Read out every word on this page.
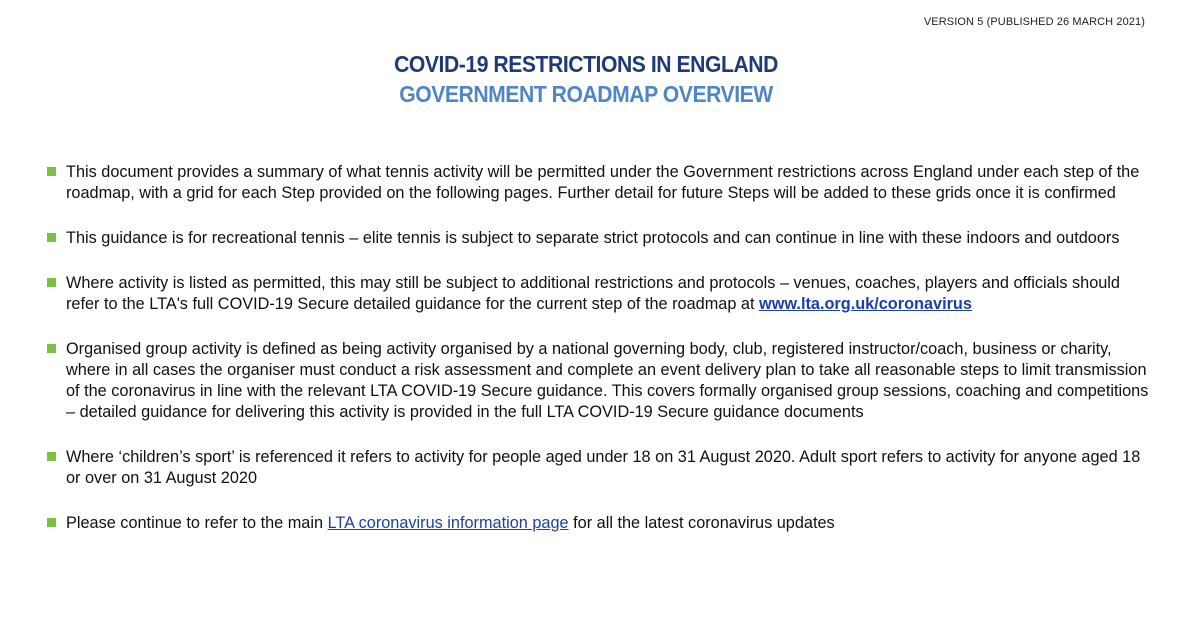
VERSION 5 (PUBLISHED 26 MARCH 2021)
COVID-19 RESTRICTIONS IN ENGLAND
GOVERNMENT ROADMAP OVERVIEW
This document provides a summary of what tennis activity will be permitted under the Government restrictions across England under each step of the roadmap, with a grid for each Step provided on the following pages. Further detail for future Steps will be added to these grids once it is confirmed
This guidance is for recreational tennis – elite tennis is subject to separate strict protocols and can continue in line with these indoors and outdoors
Where activity is listed as permitted, this may still be subject to additional restrictions and protocols – venues, coaches, players and officials should refer to the LTA's full COVID-19 Secure detailed guidance for the current step of the roadmap at www.lta.org.uk/coronavirus
Organised group activity is defined as being activity organised by a national governing body, club, registered instructor/coach, business or charity, where in all cases the organiser must conduct a risk assessment and complete an event delivery plan to take all reasonable steps to limit transmission of the coronavirus in line with the relevant LTA COVID-19 Secure guidance. This covers formally organised group sessions, coaching and competitions – detailed guidance for delivering this activity is provided in the full LTA COVID-19 Secure guidance documents
Where ‘children’s sport’ is referenced it refers to activity for people aged under 18 on 31 August 2020. Adult sport refers to activity for anyone aged 18 or over on 31 August 2020
Please continue to refer to the main LTA coronavirus information page for all the latest coronavirus updates
